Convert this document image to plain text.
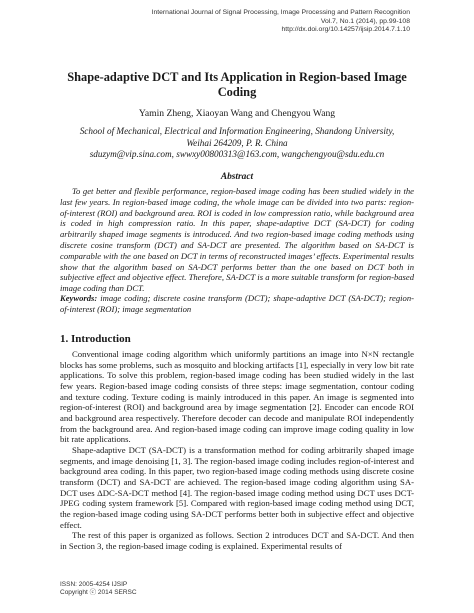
International Journal of Signal Processing, Image Processing and Pattern Recognition
Vol.7, No.1 (2014), pp.99-108
http://dx.doi.org/10.14257/ijsip.2014.7.1.10
Shape-adaptive DCT and Its Application in Region-based Image Coding
Yamin Zheng, Xiaoyan Wang and Chengyou Wang
School of Mechanical, Electrical and Information Engineering, Shandong University,
Weihai 264209, P. R. China
sduzym@vip.sina.com, swwxy00800313@163.com, wangchengyou@sdu.edu.cn
Abstract

To get better and flexible performance, region-based image coding has been studied widely in the last few years. In region-based image coding, the whole image can be divided into two parts: region-of-interest (ROI) and background area. ROI is coded in low compression ratio, while background area is coded in high compression ratio. In this paper, shape-adaptive DCT (SA-DCT) for coding arbitrarily shaped image segments is introduced. And two region-based image coding methods using discrete cosine transform (DCT) and SA-DCT are presented. The algorithm based on SA-DCT is comparable with the one based on DCT in terms of reconstructed images’ effects. Experimental results show that the algorithm based on SA-DCT performs better than the one based on DCT both in subjective effect and objective effect. Therefore, SA-DCT is a more suitable transform for region-based image coding than DCT.

Keywords: image coding; discrete cosine transform (DCT); shape-adaptive DCT (SA-DCT); region-of-interest (ROI); image segmentation

1. Introduction

Conventional image coding algorithm which uniformly partitions an image into N×N rectangle blocks has some problems, such as mosquito and blocking artifacts [1], especially in very low bit rate applications. To solve this problem, region-based image coding has been studied widely in the last few years. Region-based image coding consists of three steps: image segmentation, contour coding and texture coding. Texture coding is mainly introduced in this paper. An image is segmented into region-of-interest (ROI) and background area by image segmentation [2]. Encoder can encode ROI and background area respectively. Therefore decoder can decode and manipulate ROI independently from the background area. And region-based image coding can improve image coding quality in low bit rate applications.

Shape-adaptive DCT (SA-DCT) is a transformation method for coding arbitrarily shaped image segments, and image denoising [1, 3]. The region-based image coding includes region-of-interest and background area coding. In this paper, two region-based image coding methods using discrete cosine transform (DCT) and SA-DCT are achieved. The region-based image coding algorithm using SA-DCT uses ΔDC-SA-DCT method [4]. The region-based image coding method using DCT uses DCT-JPEG coding system framework [5]. Compared with region-based image coding method using DCT, the region-based image coding using SA-DCT performs better both in subjective effect and objective effect.

The rest of this paper is organized as follows. Section 2 introduces DCT and SA-DCT. And then in Section 3, the region-based image coding is explained. Experimental results of

ISSN: 2005-4254 IJSIP
Copyright ⓒ 2014 SERSC
